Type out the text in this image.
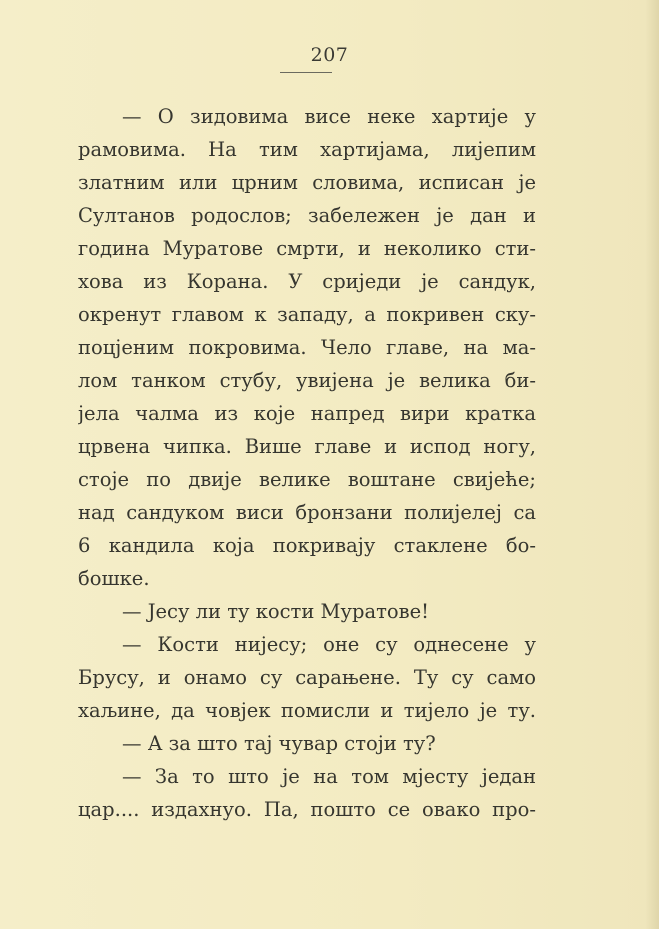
207
— О зидовима висе неке хартије у
рамовима. На тим хартијама, лијепим
златним или црним словима, исписан је
Султанов родослов; забележен је дан и
година Муратове смрти, и неколико сти-
хова из Корана. У сриједи је сандук,
окренут главом к западу, а покривен ску-
поцјеним покровима. Чело главе, на ма-
лом танком стубу, увијена је велика би-
јела чалма из које напред вири кратка
црвена чипка. Више главе и испод ногу,
стоје по двије велике воштане свијеће;
над сандуком виси бронзани полијелеј са
6 кандила која покривају стаклене бо-
бошке.
— Јесу ли ту кости Муратове!
— Кости нијесу; оне су однесене у
Брусу, и онамо су сарањене. Ту су само
хаљине, да човјек помисли и тијело је ту.
— А за што тај чувар стоји ту?
— За то што је на том мјесту један
цар.... издахнуо. Па, пошто се овако про-
